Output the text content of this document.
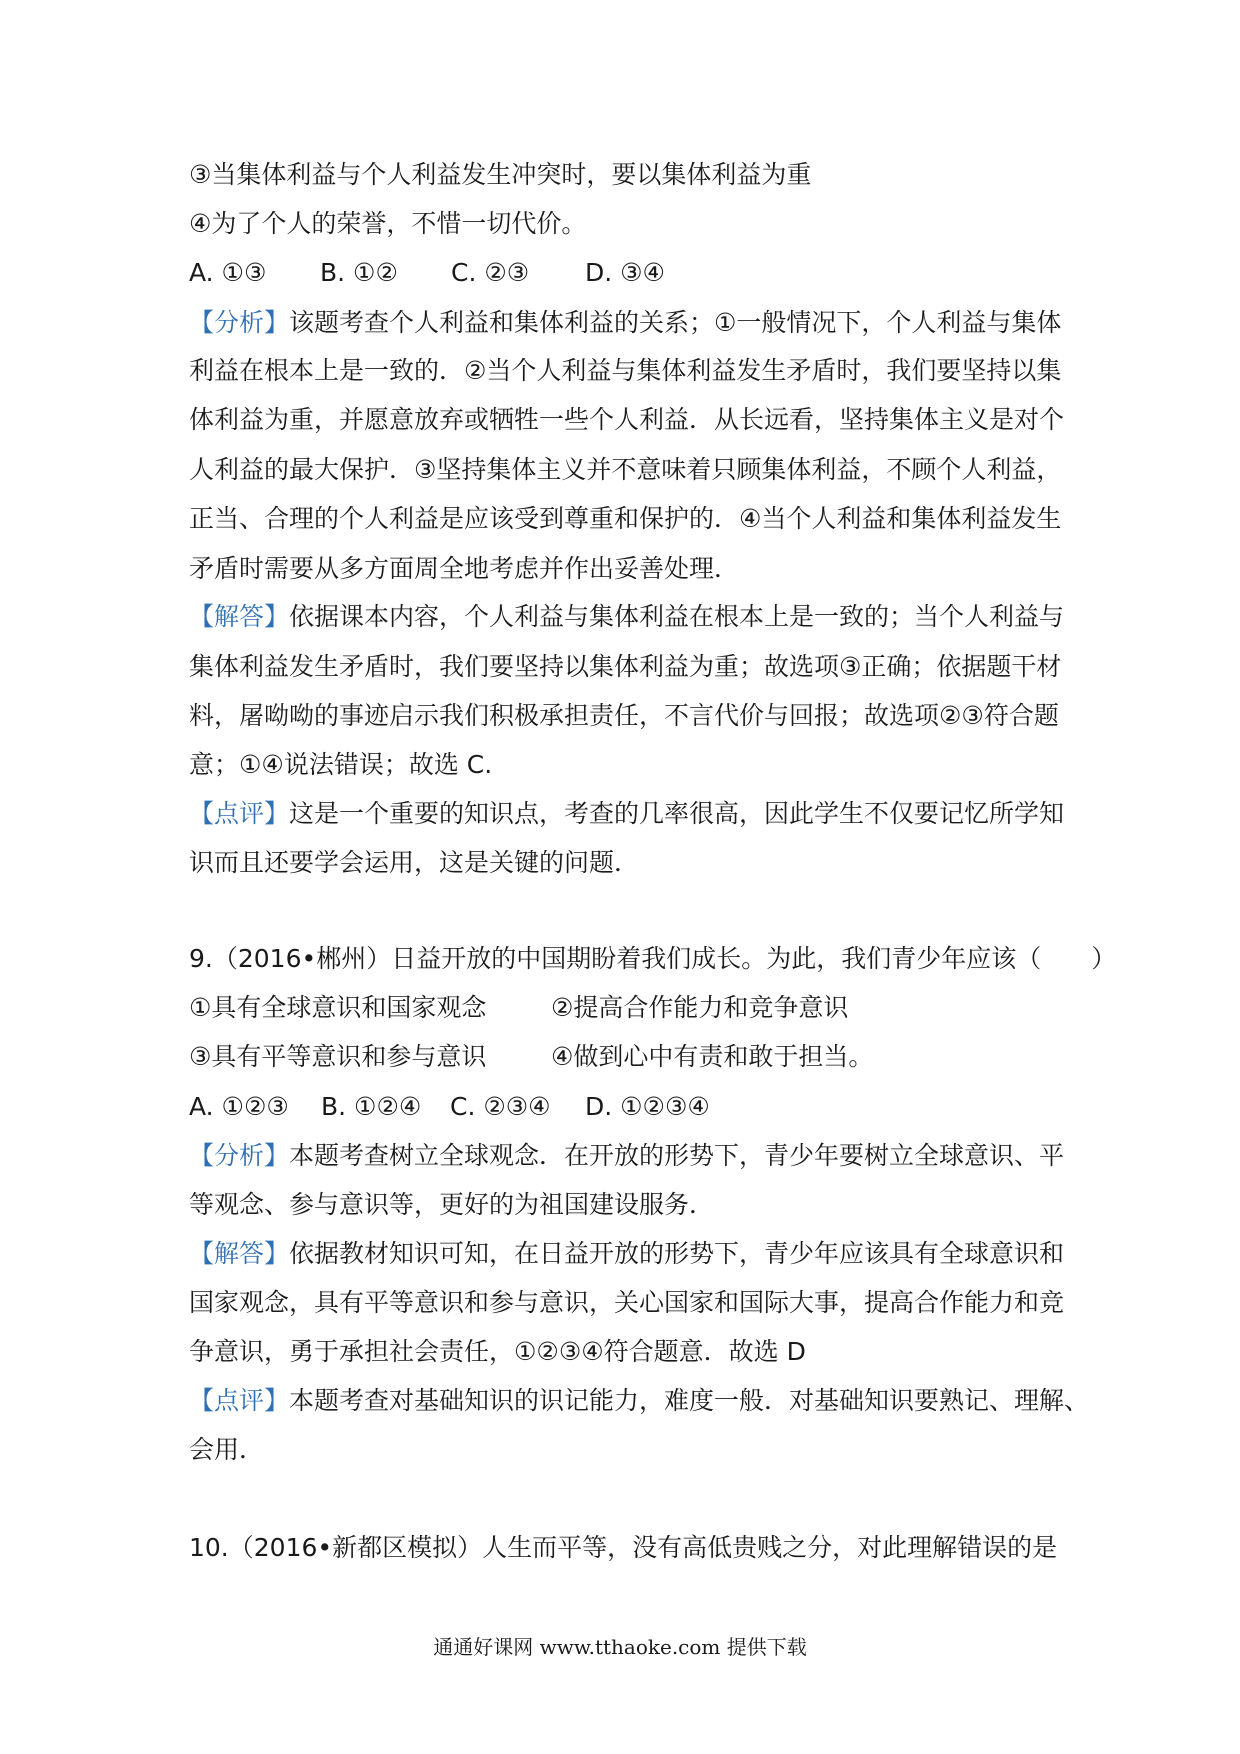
③当集体利益与个人利益发生冲突时，要以集体利益为重
④为了个人的荣誉，不惜一切代价。
A. ①③ B. ①② C. ②③ D. ③④
【分析】该题考查个人利益和集体利益的关系；①一般情况下，个人利益与集体
利益在根本上是一致的．②当个人利益与集体利益发生矛盾时，我们要坚持以集
体利益为重，并愿意放弃或牺牲一些个人利益．从长远看，坚持集体主义是对个
人利益的最大保护．③坚持集体主义并不意味着只顾集体利益，不顾个人利益，
正当、合理的个人利益是应该受到尊重和保护的．④当个人利益和集体利益发生
矛盾时需要从多方面周全地考虑并作出妥善处理．
【解答】依据课本内容，个人利益与集体利益在根本上是一致的；当个人利益与
集体利益发生矛盾时，我们要坚持以集体利益为重；故选项③正确；依据题干材
料，屠呦呦的事迹启示我们积极承担责任，不言代价与回报；故选项②③符合题
意；①④说法错误；故选 C.
【点评】这是一个重要的知识点，考查的几率很高，因此学生不仅要记忆所学知
识而且还要学会运用，这是关键的问题．
9.（2016•郴州）日益开放的中国期盼着我们成长。为此，我们青少年应该（　　）
①具有全球意识和国家观念	②提高合作能力和竞争意识
③具有平等意识和参与意识	④做到心中有责和敢于担当。
A. ①②③ B. ①②④ C. ②③④ D. ①②③④
【分析】本题考查树立全球观念．在开放的形势下，青少年要树立全球意识、平
等观念、参与意识等，更好的为祖国建设服务．
【解答】依据教材知识可知，在日益开放的形势下，青少年应该具有全球意识和
国家观念，具有平等意识和参与意识，关心国家和国际大事，提高合作能力和竞
争意识，勇于承担社会责任，①②③④符合题意．故选 D
【点评】本题考查对基础知识的识记能力，难度一般．对基础知识要熟记、理解、
会用．
10.（2016•新都区模拟）人生而平等，没有高低贵贱之分，对此理解错误的是
通通好课网 www.tthaoke.com 提供下载
